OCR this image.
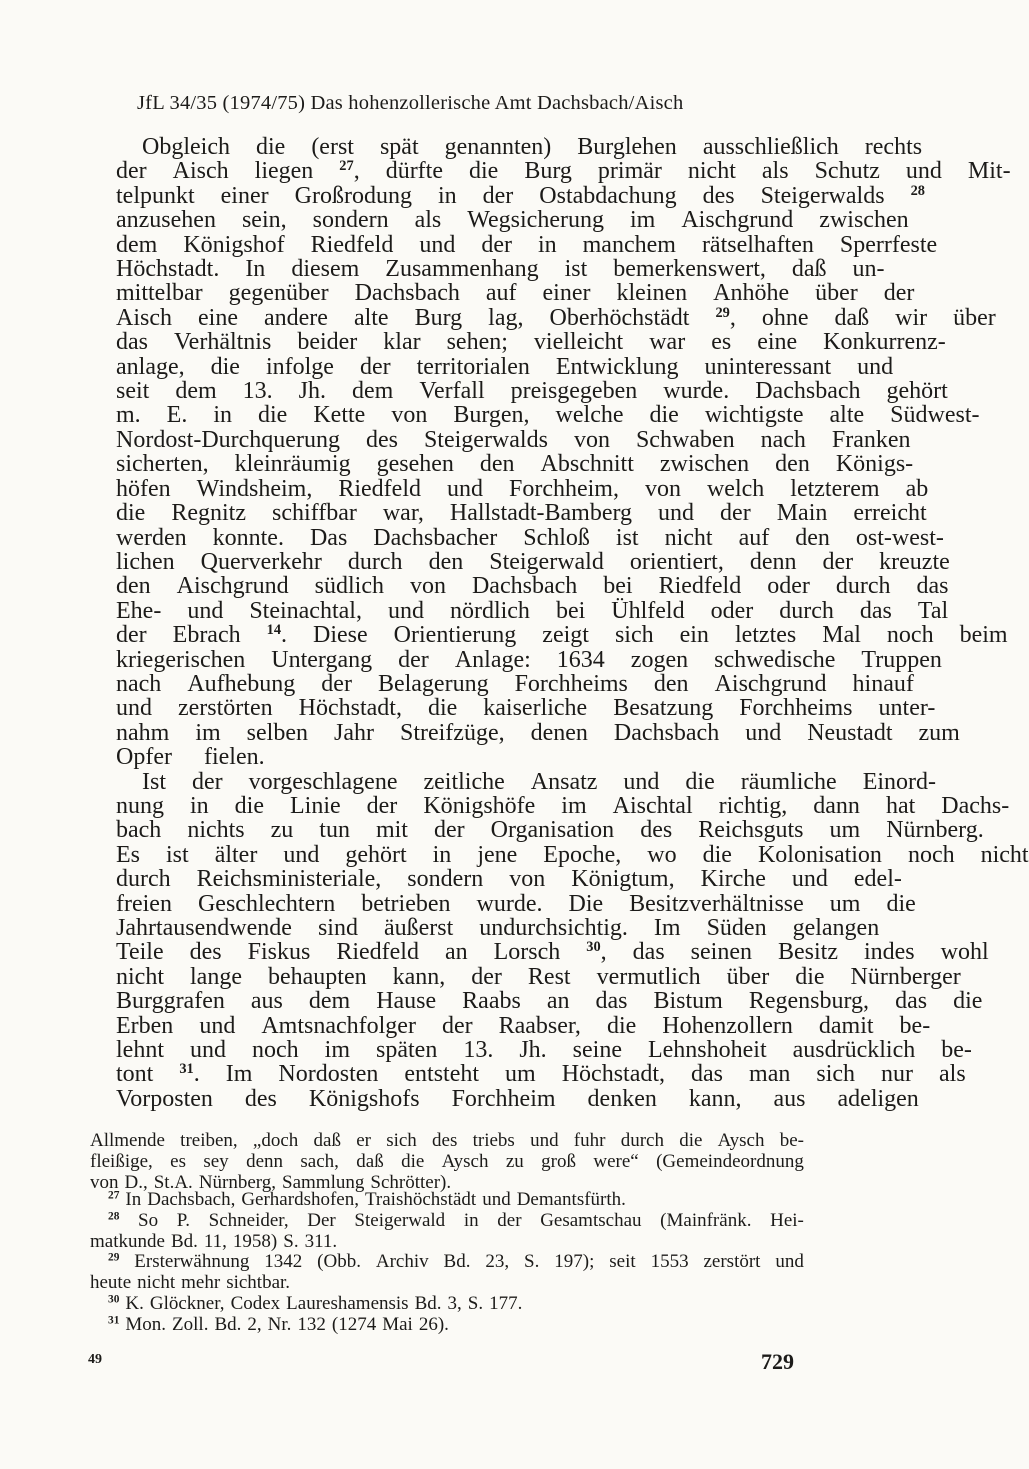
JfL 34/35 (1974/75) Das hohenzollerische Amt Dachsbach/Aisch
Obgleich	die	(erst	spät	genannten)	Burglehen	ausschließlich	rechts
der	Aisch	liegen	$^{27}$,	dürfte	die	Burg	primär	nicht	als	Schutz	und	Mit-
telpunkt	einer	Großrodung	in	der	Ostabdachung	des	Steigerwalds	$^{28}$
anzusehen	sein,	sondern	als	Wegsicherung	im	Aischgrund	zwischen
dem	Königshof	Riedfeld	und	der	in	manchem	rätselhaften	Sperrfeste
Höchstadt.	In	diesem	Zusammenhang	ist	bemerkenswert,	daß	un-
mittelbar	gegenüber	Dachsbach	auf	einer	kleinen	Anhöhe	über	der
Aisch	eine	andere	alte	Burg	lag,	Oberhöchstädt	$^{29}$,	ohne	daß	wir	über
das	Verhältnis	beider	klar	sehen;	vielleicht	war	es	eine	Konkurrenz-
anlage,	die	infolge	der	territorialen	Entwicklung	uninteressant	und
seit	dem	13.	Jh.	dem	Verfall	preisgegeben	wurde.	Dachsbach	gehört
m.	E.	in	die	Kette	von	Burgen,	welche	die	wichtigste	alte	Südwest-
Nordost-Durchquerung	des	Steigerwalds	von	Schwaben	nach	Franken
sicherten,	kleinräumig	gesehen	den	Abschnitt	zwischen	den	Königs-
höfen	Windsheim,	Riedfeld	und	Forchheim,	von	welch	letzterem	ab
die	Regnitz	schiffbar	war,	Hallstadt-Bamberg	und	der	Main	erreicht
werden	konnte.	Das	Dachsbacher	Schloß	ist	nicht	auf	den	ost-west-
lichen	Querverkehr	durch	den	Steigerwald	orientiert,	denn	der	kreuzte
den	Aischgrund	südlich	von	Dachsbach	bei	Riedfeld	oder	durch	das
Ehe-	und	Steinachtal,	und	nördlich	bei	Ühlfeld	oder	durch	das	Tal
der	Ebrach	$^{14}$.	Diese	Orientierung	zeigt	sich	ein	letztes	Mal	noch	beim
kriegerischen	Untergang	der	Anlage:	1634	zogen	schwedische	Truppen
nach	Aufhebung	der	Belagerung	Forchheims	den	Aischgrund	hinauf
und	zerstörten	Höchstadt,	die	kaiserliche	Besatzung	Forchheims	unter-
nahm	im	selben	Jahr	Streifzüge,	denen	Dachsbach	und	Neustadt	zum
Opfer	fielen.
Ist	der	vorgeschlagene	zeitliche	Ansatz	und	die	räumliche	Einord-
nung	in	die	Linie	der	Königshöfe	im	Aischtal	richtig,	dann	hat	Dachs-
bach	nichts	zu	tun	mit	der	Organisation	des	Reichsguts	um	Nürnberg.
Es	ist	älter	und	gehört	in	jene	Epoche,	wo	die	Kolonisation	noch	nicht
durch	Reichsministeriale,	sondern	von	Königtum,	Kirche	und	edel-
freien	Geschlechtern	betrieben	wurde.	Die	Besitzverhältnisse	um	die
Jahrtausendwende	sind	äußerst	undurchsichtig.	Im	Süden	gelangen
Teile	des	Fiskus	Riedfeld	an	Lorsch	$^{30}$,	das	seinen	Besitz	indes	wohl
nicht	lange	behaupten	kann,	der	Rest	vermutlich	über	die	Nürnberger
Burggrafen	aus	dem	Hause	Raabs	an	das	Bistum	Regensburg,	das	die
Erben	und	Amtsnachfolger	der	Raabser,	die	Hohenzollern	damit	be-
lehnt	und	noch	im	späten	13.	Jh.	seine	Lehnshoheit	ausdrücklich	be-
tont	$^{31}$.	Im	Nordosten	entsteht	um	Höchstadt,	das	man	sich	nur	als
Vorposten	des	Königshofs	Forchheim	denken	kann,	aus	adeligen
Allmende treiben, „doch daß er sich des triebs und fuhr durch die Aysch be-
fleißige, es sey denn sach, daß die Aysch zu groß were“ (Gemeindeordnung
von D., St.A. Nürnberg, Sammlung Schrötter).
$^{27}$ In Dachsbach, Gerhardshofen, Traishöchstädt und Demantsfürth.
$^{28}$ So P. Schneider, Der Steigerwald in der Gesamtschau (Mainfränk. Hei-
matkunde Bd. 11, 1958) S. 311.
$^{29}$ Ersterwähnung 1342 (Obb. Archiv Bd. 23, S. 197); seit 1553 zerstört und
heute nicht mehr sichtbar.
$^{30}$ K. Glöckner, Codex Laureshamensis Bd. 3, S. 177.
$^{31}$ Mon. Zoll. Bd. 2, Nr. 132 (1274 Mai 26).
49	729
